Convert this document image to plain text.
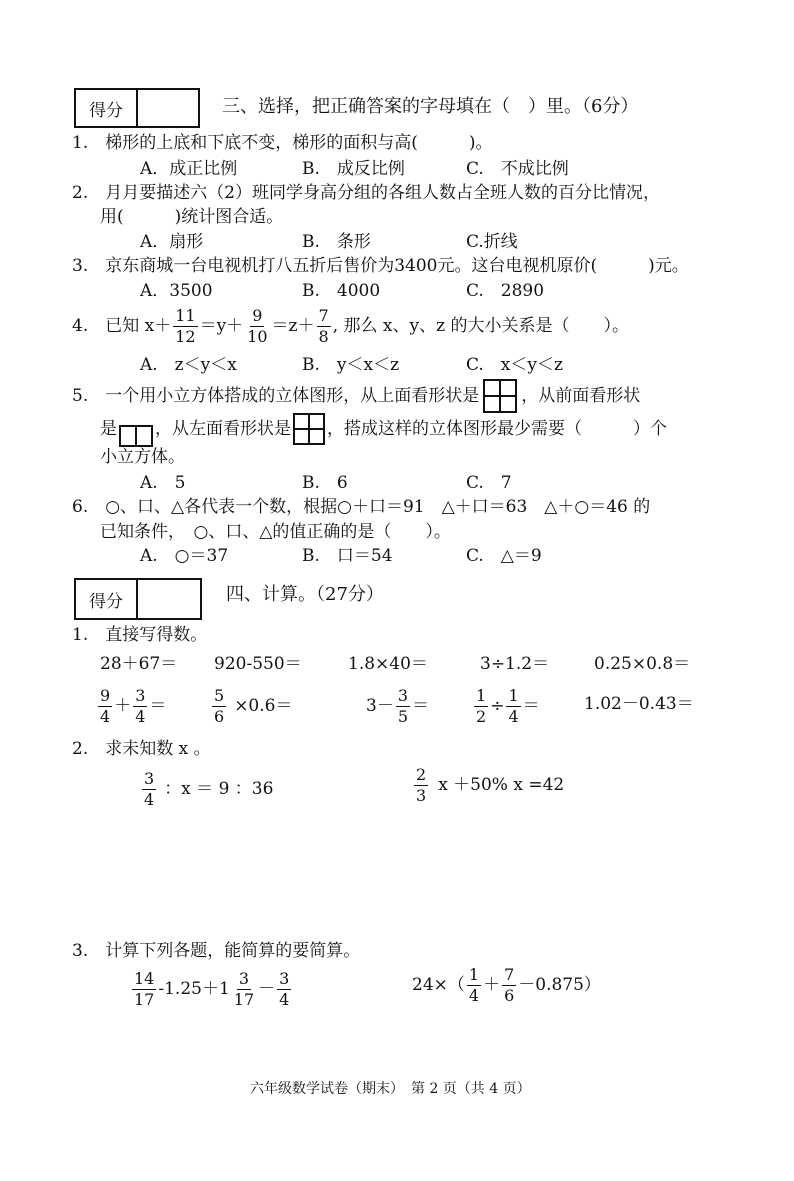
得分	三、选择，把正确答案的字母填在（　）里。（6分）
1.　梯形的上底和下底不变，梯形的面积与高(　　　)。
A．成正比例	B.　成反比例	C.　不成比例
2.　月月要描述六（2）班同学身高分组的各组人数占全班人数的百分比情况，
用(　　　)统计图合适。
A．扇形	B.　条形	C.折线
3.　京东商城一台电视机打八五折后售价为3400元。这台电视机原价(　　　)元。
A．3500	B.　4000	C.　2890
4.　已知 $x+ \frac{11}{12} =y+ \frac{9}{10} =z+ \frac{7}{8}$ , 那么 x、y、z 的大小关系是（　　）。
A.　z＜y＜x	B.　y＜x＜z	C.　x＜y＜z
5.　一个用小立方体搭成的立体图形，从上面看形状是 ，从前面看形状
是 ，从左面看形状是 ，搭成这样的立体图形最少需要（　　　）个
小立方体。
A.　5	B.　6	C.　7
6.　○、口、△各代表一个数，根据○＋口＝91　△＋口＝63　△＋○＝46 的
已知条件，　○、口、△的值正确的是（　　）。
A.　○＝37	B.　口＝54	C.　△＝9
得分	四、计算。（27分）
1.　直接写得数。
28＋67＝ 920-550＝	1.8×40＝	3÷1.2＝	0.25×0.8＝
$\frac{9}{4} + \frac{3}{4}$ ＝	$\frac{5}{6} \times 0.6=$	$3- \frac{3}{5}$ ＝	$\frac{1}{2} \div \frac{1}{4}$ ＝	1.02－0.43＝
2.　求未知数 x 。
$\frac{3}{4}$ ：x ＝ 9 ：36	$\frac{2}{3}$ x ＋50% x =42
3.　计算下列各题，能简算的要简算。
$\frac{14}{17} -1.25+1 \frac{3}{17} - \frac{3}{4}$	$24\times( \frac{1}{4} + \frac{7}{6} -0.875)$
六年级数学试卷（期末）　第 2 页（共 4 页）
